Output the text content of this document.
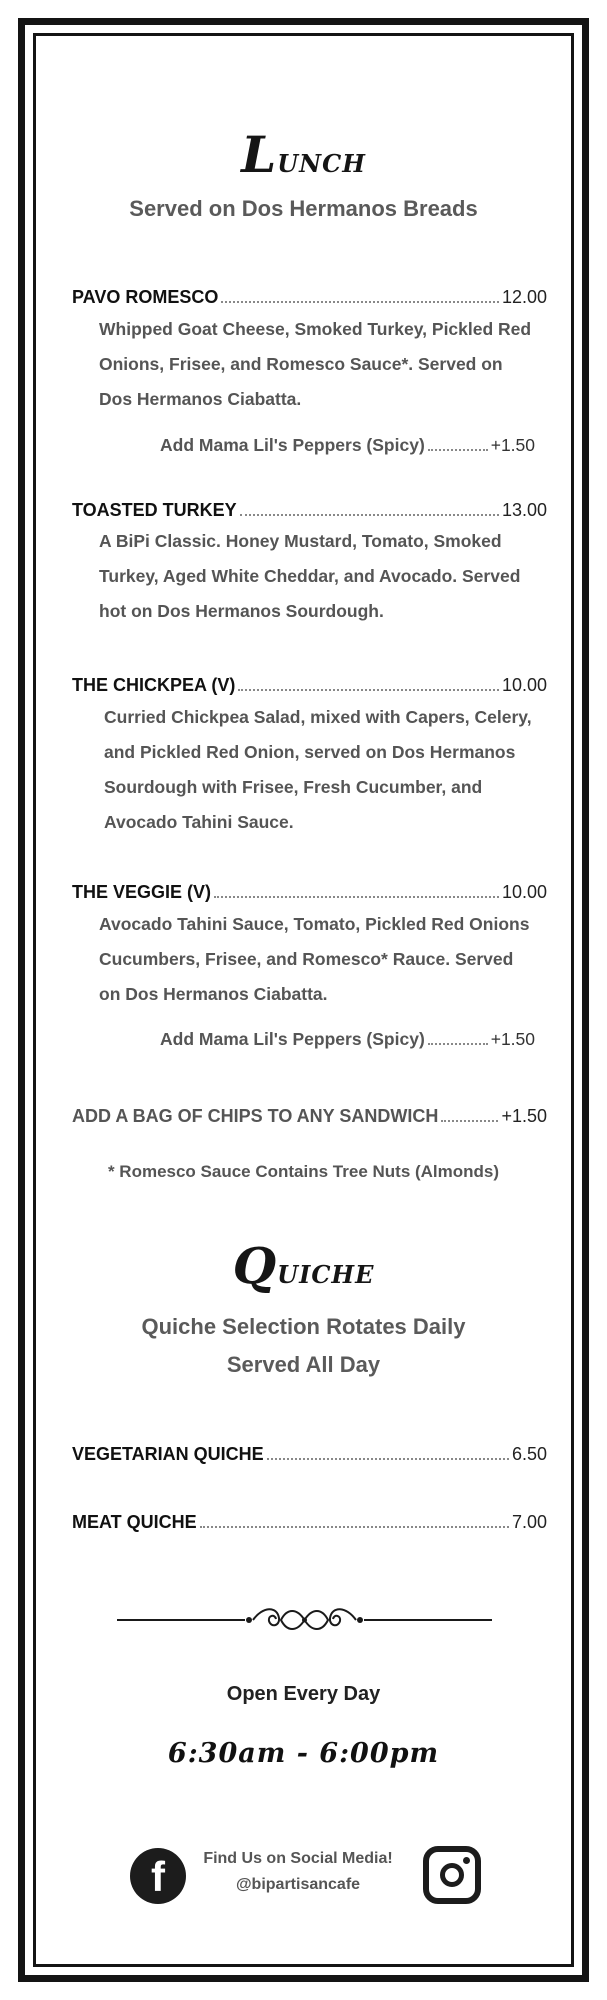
Lunch
Served on Dos Hermanos Breads
PAVO ROMESCO	12.00
Whipped Goat Cheese, Smoked Turkey, Pickled Red
Onions, Frisee, and Romesco Sauce*. Served on
Dos Hermanos Ciabatta.
Add Mama Lil's Peppers (Spicy)	+1.50
TOASTED TURKEY	13.00
A BiPi Classic. Honey Mustard, Tomato, Smoked
Turkey, Aged White Cheddar, and Avocado. Served
hot on Dos Hermanos Sourdough.
THE CHICKPEA (V)	10.00
Curried Chickpea Salad, mixed with Capers, Celery,
and Pickled Red Onion, served on Dos Hermanos
Sourdough with Frisee, Fresh Cucumber, and
Avocado Tahini Sauce.
THE VEGGIE (V)	10.00
Avocado Tahini Sauce, Tomato, Pickled Red Onions
Cucumbers, Frisee, and Romesco* Rauce. Served
on Dos Hermanos Ciabatta.
Add Mama Lil's Peppers (Spicy)	+1.50
ADD A BAG OF CHIPS TO ANY SANDWICH	+1.50
* Romesco Sauce Contains Tree Nuts (Almonds)
Quiche
Quiche Selection Rotates Daily
Served All Day
VEGETARIAN QUICHE	6.50
MEAT QUICHE	7.00
Open Every Day
6:30am - 6:00pm
f	Find Us on Social Media!
@bipartisancafe
